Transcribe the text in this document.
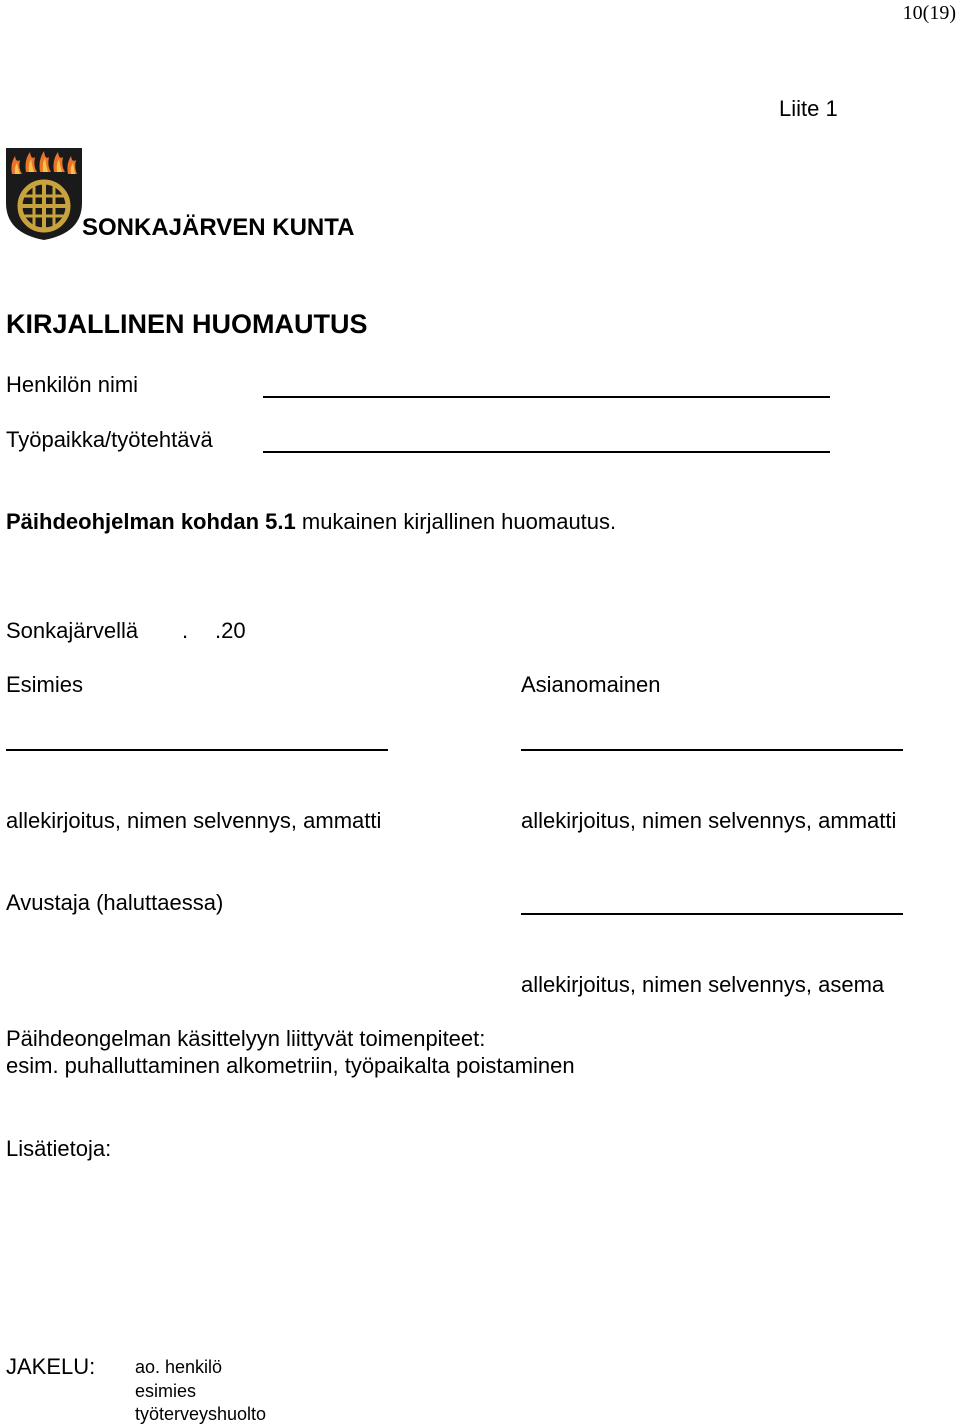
10(19)
Liite 1
SONKAJÄRVEN KUNTA
KIRJALLINEN HUOMAUTUS
Henkilön nimi
Työpaikka/työtehtävä
Päihdeohjelman kohdan 5.1 mukainen kirjallinen huomautus.
Sonkajärvellä . .20
Esimies	Asianomainen
allekirjoitus, nimen selvennys, ammatti	allekirjoitus, nimen selvennys, ammatti
Avustaja (haluttaessa)
allekirjoitus, nimen selvennys, asema
Päihdeongelman käsittelyyn liittyvät toimenpiteet:
esim. puhalluttaminen alkometriin, työpaikalta poistaminen
Lisätietoja:
JAKELU: ao. henkilö
esimies
työterveyshuolto
